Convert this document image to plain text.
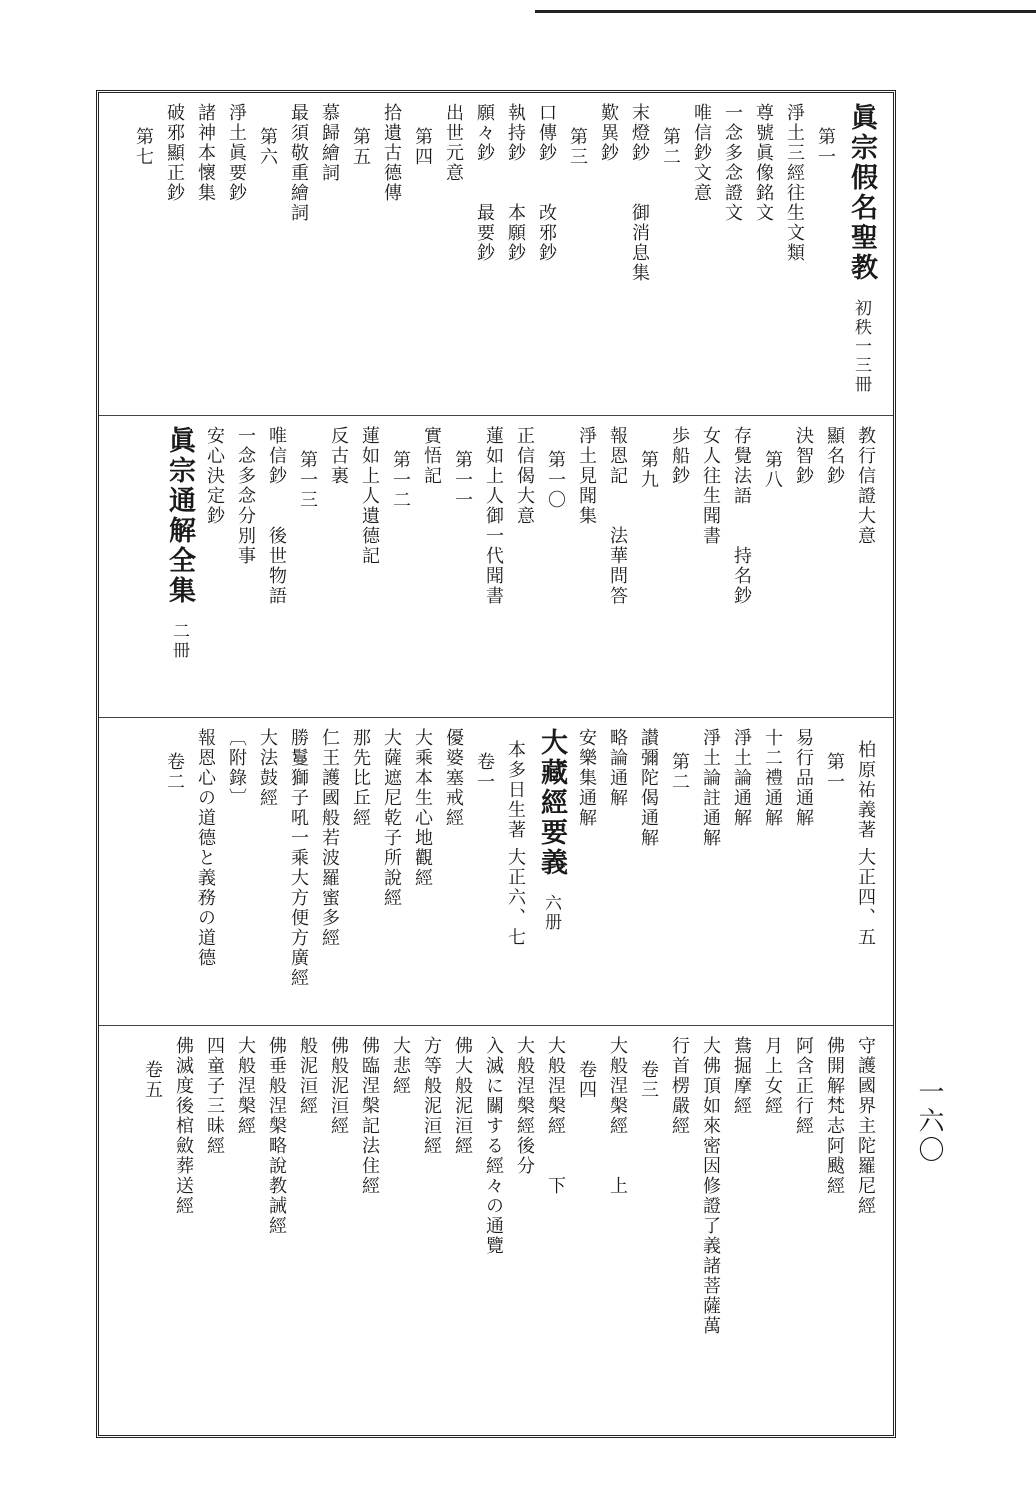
一六〇
眞宗假名聖教初秩一三冊
第一
淨土三經往生文類
尊號眞像銘文
一念多念證文
唯信鈔文意
第二
末燈鈔御消息集
歎異鈔
第三
口傳鈔改邪鈔
執持鈔本願鈔
願々鈔最要鈔
出世元意
第四
拾遺古德傳
第五
慕歸繪詞
最須敬重繪詞
第六
淨土眞要鈔
諸神本懷集
破邪顯正鈔
第七
教行信證大意
顯名鈔
決智鈔
第八
存覺法語持名鈔
女人往生聞書
歩船鈔
第九
報恩記法華問答
淨土見聞集
第一〇
正信偈大意
蓮如上人御一代聞書
第一一
實悟記
第一二
蓮如上人遺德記
反古裏
第一三
唯信鈔後世物語
一念多念分別事
安心決定鈔
眞宗通解全集二冊
柏原祐義著 大正四、五
第一
易行品通解
十二禮通解
淨土論通解
淨土論註通解
第二
讃彌陀偈通解
略論通解
安樂集通解
大藏經要義六册
本多日生著 大正六、七
卷一
優婆塞戒經
大乘本生心地觀經
大薩遮尼乾子所說經
那先比丘經
仁王護國般若波羅蜜多經
勝鬘獅子吼一乘大方便方廣經
大法鼓經
〔附錄〕
報恩心の道德と義務の道德
卷二
守護國界主陀羅尼經
佛開解梵志阿颰經
阿含正行經
月上女經
鴦掘摩經
大佛頂如來密因修證了義諸菩薩萬
行首楞嚴經
卷三
大般涅槃經上
卷四
大般涅槃經下
大般涅槃經後分
入滅に關する經々の通覽
佛大般泥洹經
方等般泥洹經
大悲經
佛臨涅槃記法住經
佛般泥洹經
般泥洹經
佛垂般涅槃略說教誡經
大般涅槃經
四童子三昧經
佛滅度後棺斂葬送經
卷五
